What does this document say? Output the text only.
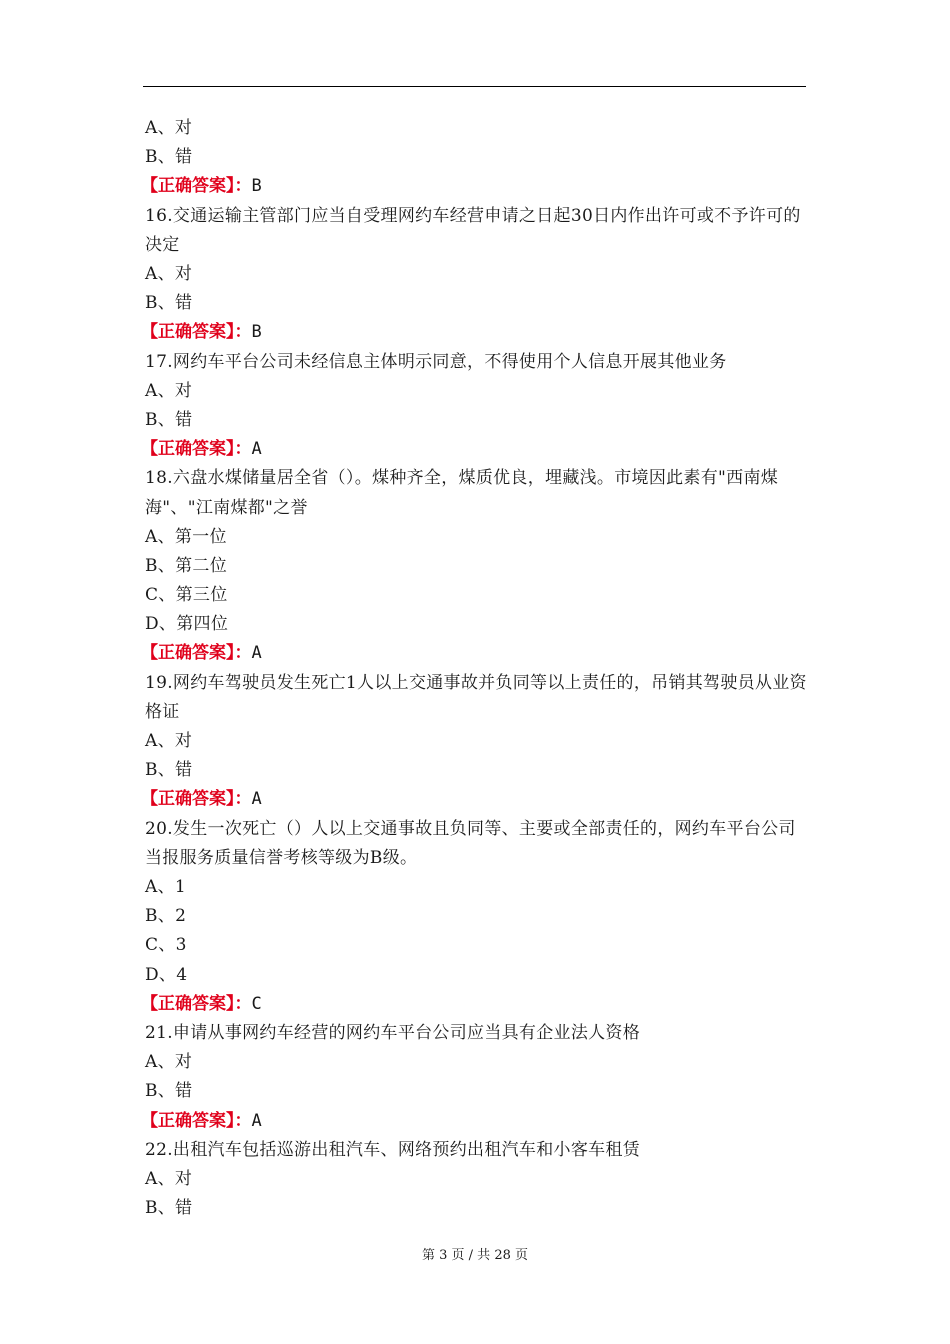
A、对
B、错
【正确答案】：B
16.交通运输主管部门应当自受理网约车经营申请之日起30日内作出许可或不予许可的决定
A、对
B、错
【正确答案】：B
17.网约车平台公司未经信息主体明示同意，不得使用个人信息开展其他业务
A、对
B、错
【正确答案】：A
18.六盘水煤储量居全省（）。煤种齐全，煤质优良，埋藏浅。市境因此素有"西南煤海"、"江南煤都"之誉
A、第一位
B、第二位
C、第三位
D、第四位
【正确答案】：A
19.网约车驾驶员发生死亡1人以上交通事故并负同等以上责任的，吊销其驾驶员从业资格证
A、对
B、错
【正确答案】：A
20.发生一次死亡（）人以上交通事故且负同等、主要或全部责任的，网约车平台公司当报服务质量信誉考核等级为B级。
A、1
B、2
C、3
D、4
【正确答案】：C
21.申请从事网约车经营的网约车平台公司应当具有企业法人资格
A、对
B、错
【正确答案】：A
22.出租汽车包括巡游出租汽车、网络预约出租汽车和小客车租赁
A、对
B、错
第 3 页 / 共 28 页
